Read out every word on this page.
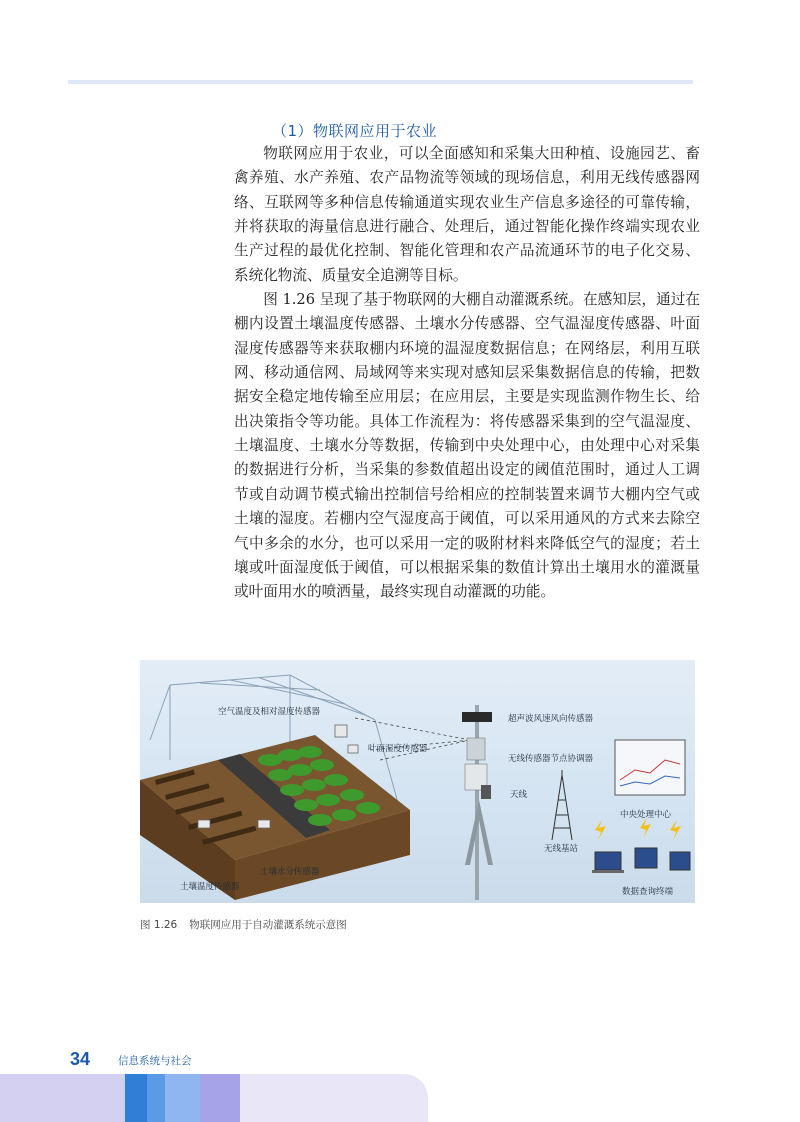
（1）物联网应用于农业

物联网应用于农业，可以全面感知和采集大田种植、设施园艺、畜禽养殖、水产养殖、农产品物流等领域的现场信息，利用无线传感器网络、互联网等多种信息传输通道实现农业生产信息多途径的可靠传输，并将获取的海量信息进行融合、处理后，通过智能化操作终端实现农业生产过程的最优化控制、智能化管理和农产品流通环节的电子化交易、系统化物流、质量安全追溯等目标。

图 1.26 呈现了基于物联网的大棚自动灌溉系统。在感知层，通过在棚内设置土壤温度传感器、土壤水分传感器、空气温湿度传感器、叶面湿度传感器等来获取棚内环境的温湿度数据信息；在网络层，利用互联网、移动通信网、局域网等来实现对感知层采集数据信息的传输，把数据安全稳定地传输至应用层；在应用层，主要是实现监测作物生长、给出决策指令等功能。具体工作流程为：将传感器采集到的空气温湿度、土壤温度、土壤水分等数据，传输到中央处理中心，由处理中心对采集的数据进行分析，当采集的参数值超出设定的阈值范围时，通过人工调节或自动调节模式输出控制信号给相应的控制装置来调节大棚内空气或土壤的湿度。若棚内空气湿度高于阈值，可以采用通风的方式来去除空气中多余的水分，也可以采用一定的吸附材料来降低空气的湿度；若土壤或叶面湿度低于阈值，可以根据采集的数值计算出土壤用水的灌溉量或叶面用水的喷洒量，最终实现自动灌溉的功能。

空气温度及相对湿度传感器
叶面湿度传感器
超声波风速风向传感器
无线传感器节点协调器
天线
无线基站
中央处理中心
数据查询终端
土壤水分传感器
土壤温度传感器
图 1.26 物联网应用于自动灌溉系统示意图
34	信息系统与社会
